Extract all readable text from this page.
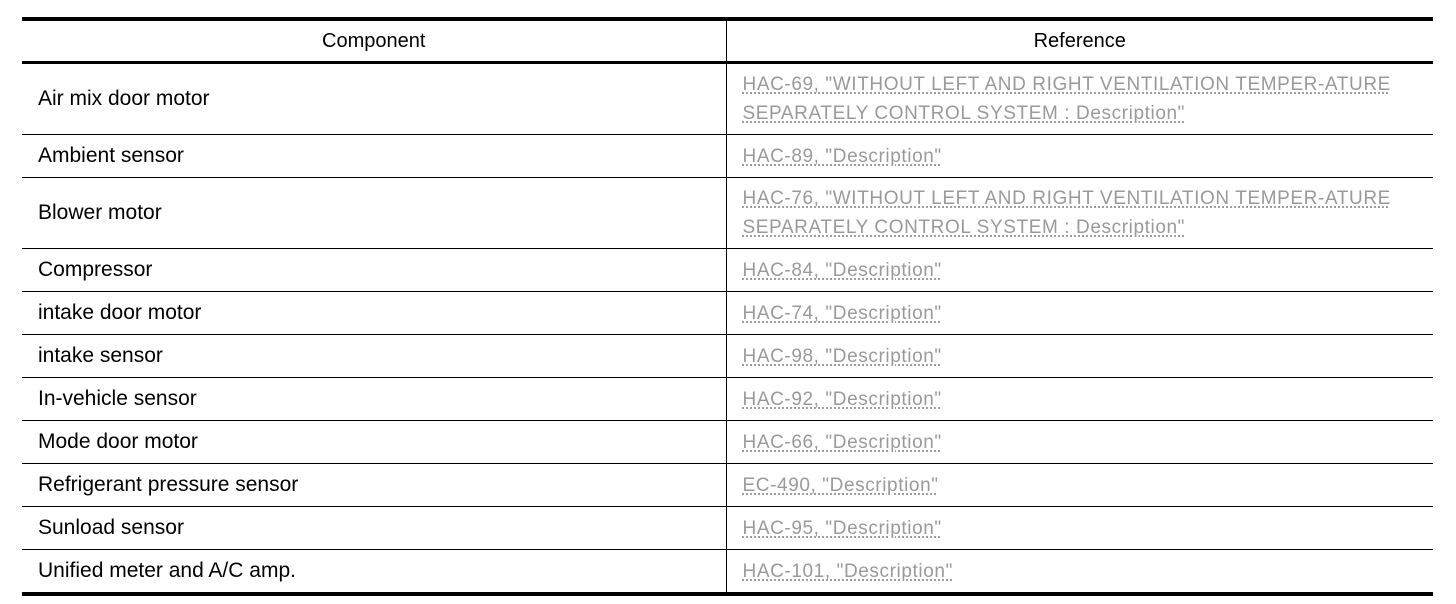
Component	Reference
Air mix door motor	HAC-69, "WITHOUT LEFT AND RIGHT VENTILATION TEMPER-ATURE SEPARATELY CONTROL SYSTEM : Description"
Ambient sensor	HAC-89, "Description"
Blower motor	HAC-76, "WITHOUT LEFT AND RIGHT VENTILATION TEMPER-ATURE SEPARATELY CONTROL SYSTEM : Description"
Compressor	HAC-84, "Description"
intake door motor	HAC-74, "Description"
intake sensor	HAC-98, "Description"
In-vehicle sensor	HAC-92, "Description"
Mode door motor	HAC-66, "Description"
Refrigerant pressure sensor	EC-490, "Description"
Sunload sensor	HAC-95, "Description"
Unified meter and A/C amp.	HAC-101, "Description"
